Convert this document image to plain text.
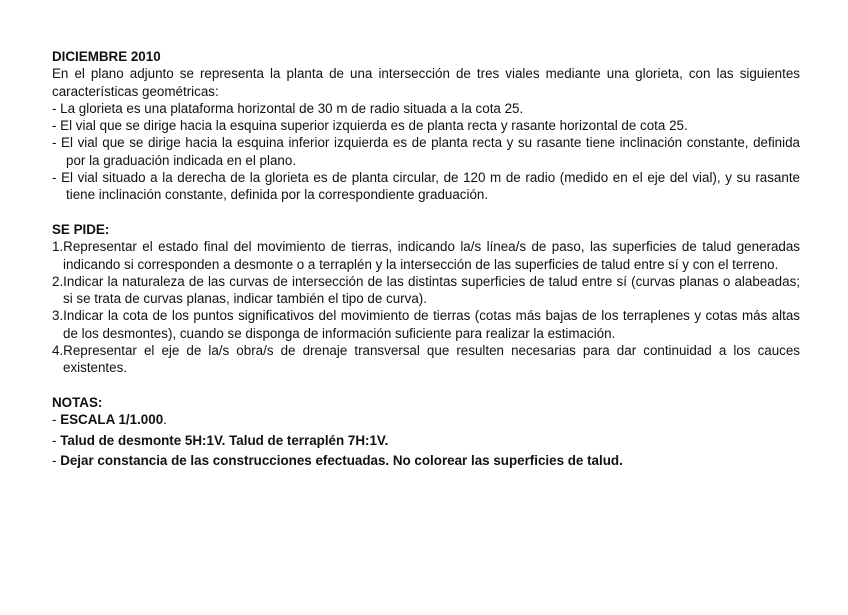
DICIEMBRE 2010
En el plano adjunto se representa la planta de una intersección de tres viales mediante una glorieta, con las siguientes características geométricas:
- La glorieta es una plataforma horizontal de 30 m de radio situada a la cota 25.
- El vial que se dirige hacia la esquina superior izquierda es de planta recta y rasante horizontal de cota 25.
- El vial que se dirige hacia la esquina inferior izquierda es de planta recta y su rasante tiene inclinación constante, definida por la graduación indicada en el plano.
- El vial situado a la derecha de la glorieta es de planta circular, de 120 m de radio (medido en el eje del vial), y su rasante tiene inclinación constante, definida por la correspondiente graduación.
SE PIDE:
1.Representar el estado final del movimiento de tierras, indicando la/s línea/s de paso, las superficies de talud generadas indicando si corresponden a desmonte o a terraplén y la intersección de las superficies de talud entre sí y con el terreno.
2.Indicar la naturaleza de las curvas de intersección de las distintas superficies de talud entre sí (curvas planas o alabeadas; si se trata de curvas planas, indicar también el tipo de curva).
3.Indicar la cota de los puntos significativos del movimiento de tierras (cotas más bajas de los terraplenes y cotas más altas de los desmontes), cuando se disponga de información suficiente para realizar la estimación.
4.Representar el eje de la/s obra/s de drenaje transversal que resulten necesarias para dar continuidad a los cauces existentes.
NOTAS:
- ESCALA 1/1.000.
- Talud de desmonte 5H:1V. Talud de terraplén 7H:1V.
- Dejar constancia de las construcciones efectuadas. No colorear las superficies de talud.
